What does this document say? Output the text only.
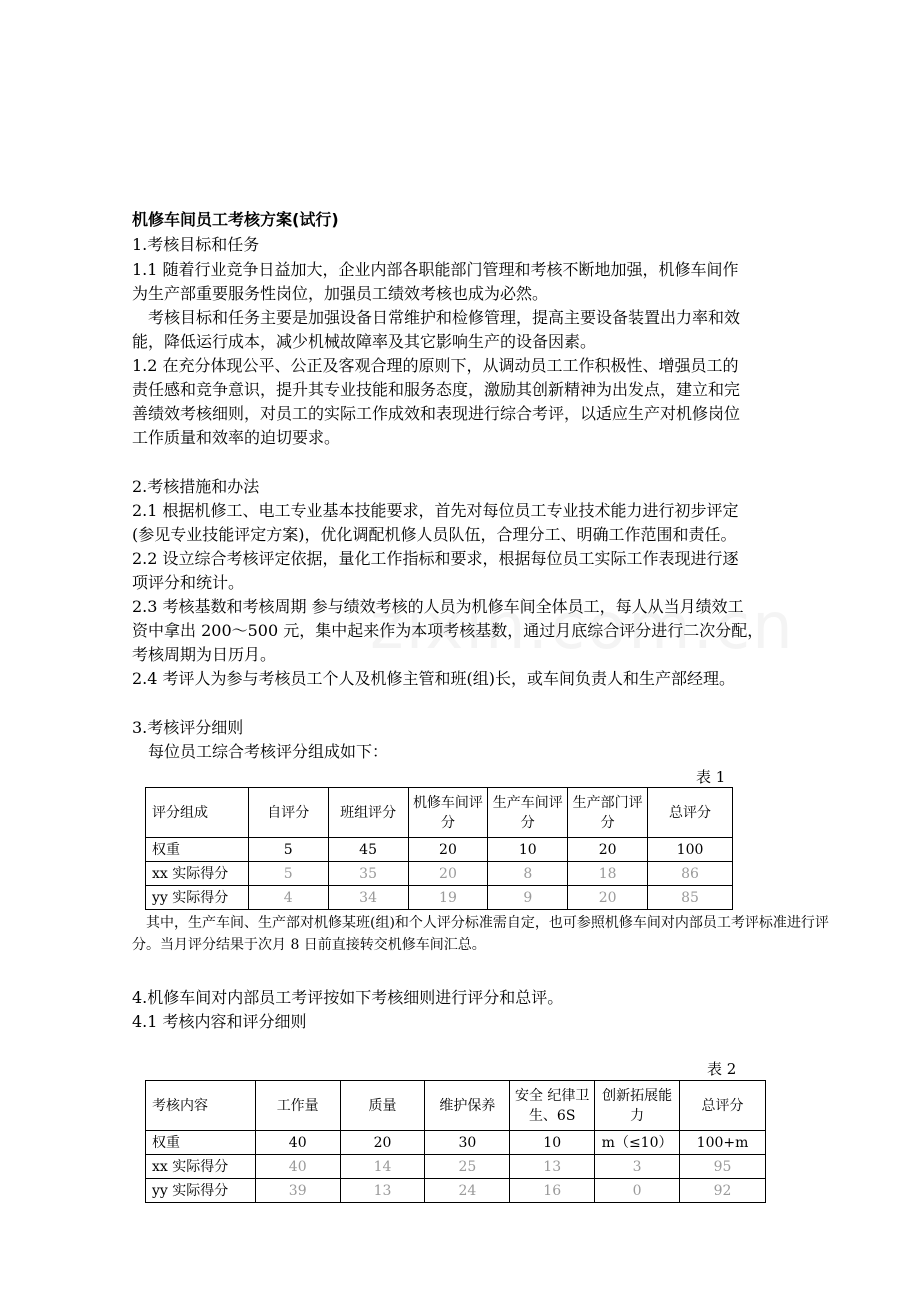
机修车间员工考核方案(试行)
1.考核目标和任务
1.1 随着行业竞争日益加大，企业内部各职能部门管理和考核不断地加强，机修车间作
为生产部重要服务性岗位，加强员工绩效考核也成为必然。
　考核目标和任务主要是加强设备日常维护和检修管理，提高主要设备装置出力率和效
能，降低运行成本，减少机械故障率及其它影响生产的设备因素。
1.2 在充分体现公平、公正及客观合理的原则下，从调动员工工作积极性、增强员工的
责任感和竞争意识，提升其专业技能和服务态度，激励其创新精神为出发点，建立和完
善绩效考核细则，对员工的实际工作成效和表现进行综合考评，以适应生产对机修岗位
工作质量和效率的迫切要求。
2.考核措施和办法
2.1 根据机修工、电工专业基本技能要求，首先对每位员工专业技术能力进行初步评定
(参见专业技能评定方案)，优化调配机修人员队伍，合理分工、明确工作范围和责任。
2.2 设立综合考核评定依据，量化工作指标和要求，根据每位员工实际工作表现进行逐
项评分和统计。
2.3 考核基数和考核周期 参与绩效考核的人员为机修车间全体员工，每人从当月绩效工
资中拿出 200～500 元，集中起来作为本项考核基数，通过月底综合评分进行二次分配，
考核周期为日历月。
2.4 考评人为参与考核员工个人及机修主管和班(组)长，或车间负责人和生产部经理。
3.考核评分细则
　每位员工综合考核评分组成如下：
表 1
评分组成	自评分	班组评分	机修车间评分	生产车间评分	生产部门评分	总评分
权重	5	45	20	10	20	100
xx 实际得分	5	35	20	8	18	86
yy 实际得分	4	34	19	9	20	85
其中，生产车间、生产部对机修某班(组)和个人评分标准需自定，也可参照机修车间对内部员工考评标准进行评分。当月评分结果于次月 8 日前直接转交机修车间汇总。
4.机修车间对内部员工考评按如下考核细则进行评分和总评。
4.1 考核内容和评分细则
表 2
考核内容	工作量	质量	维护保养	安全 纪律卫生、6S	创新拓展能力	总评分
权重	40	20	30	10	m（≤10）	100+m
xx 实际得分	40	14	25	13	3	95
yy 实际得分	39	13	24	16	0	92
